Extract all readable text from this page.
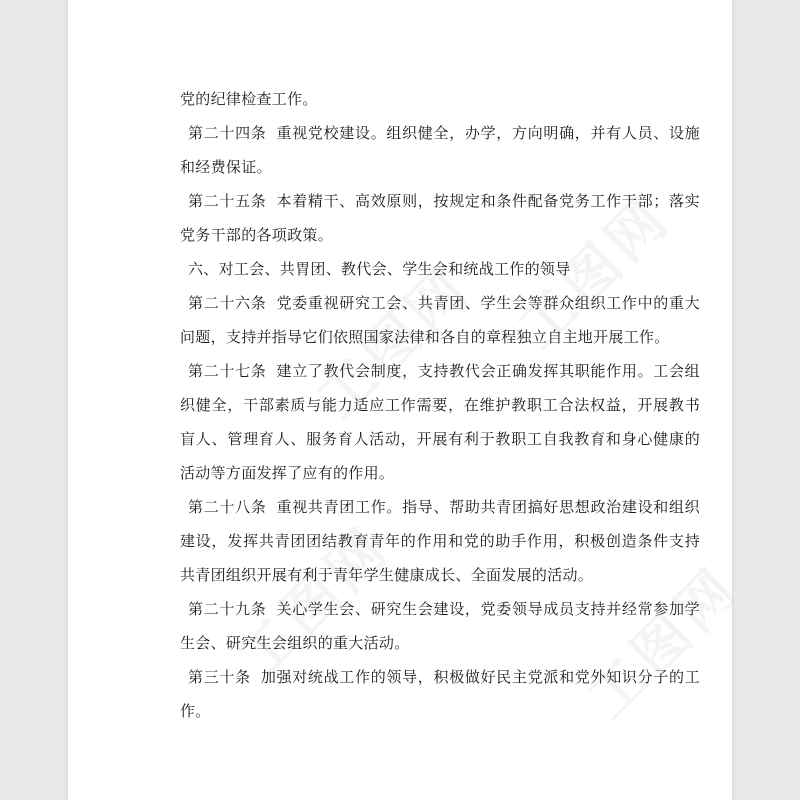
党的纪律检查工作。

第二十四条 重视党校建设。组织健全，办学，方向明确，并有人员、设施和经费保证。

第二十五条 本着精干、高效原则，按规定和条件配备党务工作干部；落实党务干部的各项政策。

六、对工会、共胃团、教代会、学生会和统战工作的领导

第二十六条 党委重视研究工会、共青团、学生会等群众组织工作中的重大问题，支持并指导它们依照国家法律和各自的章程独立自主地开展工作。

第二十七条 建立了教代会制度，支持教代会正确发挥其职能作用。工会组织健全，干部素质与能力适应工作需要，在维护教职工合法权益，开展教书盲人、管理育人、服务育人活动，开展有利于教职工自我教育和身心健康的活动等方面发挥了应有的作用。

第二十八条 重视共青团工作。指导、帮助共青团搞好思想政治建设和组织建设，发挥共青团团结教育青年的作用和党的助手作用，积极创造条件支持共青团组织开展有利于青年学生健康成长、全面发展的活动。

第二十九条 关心学生会、研究生会建设，党委领导成员支持并经常参加学生会、研究生会组织的重大活动。

第三十条 加强对统战工作的领导，积极做好民主党派和党外知识分子的工作。
